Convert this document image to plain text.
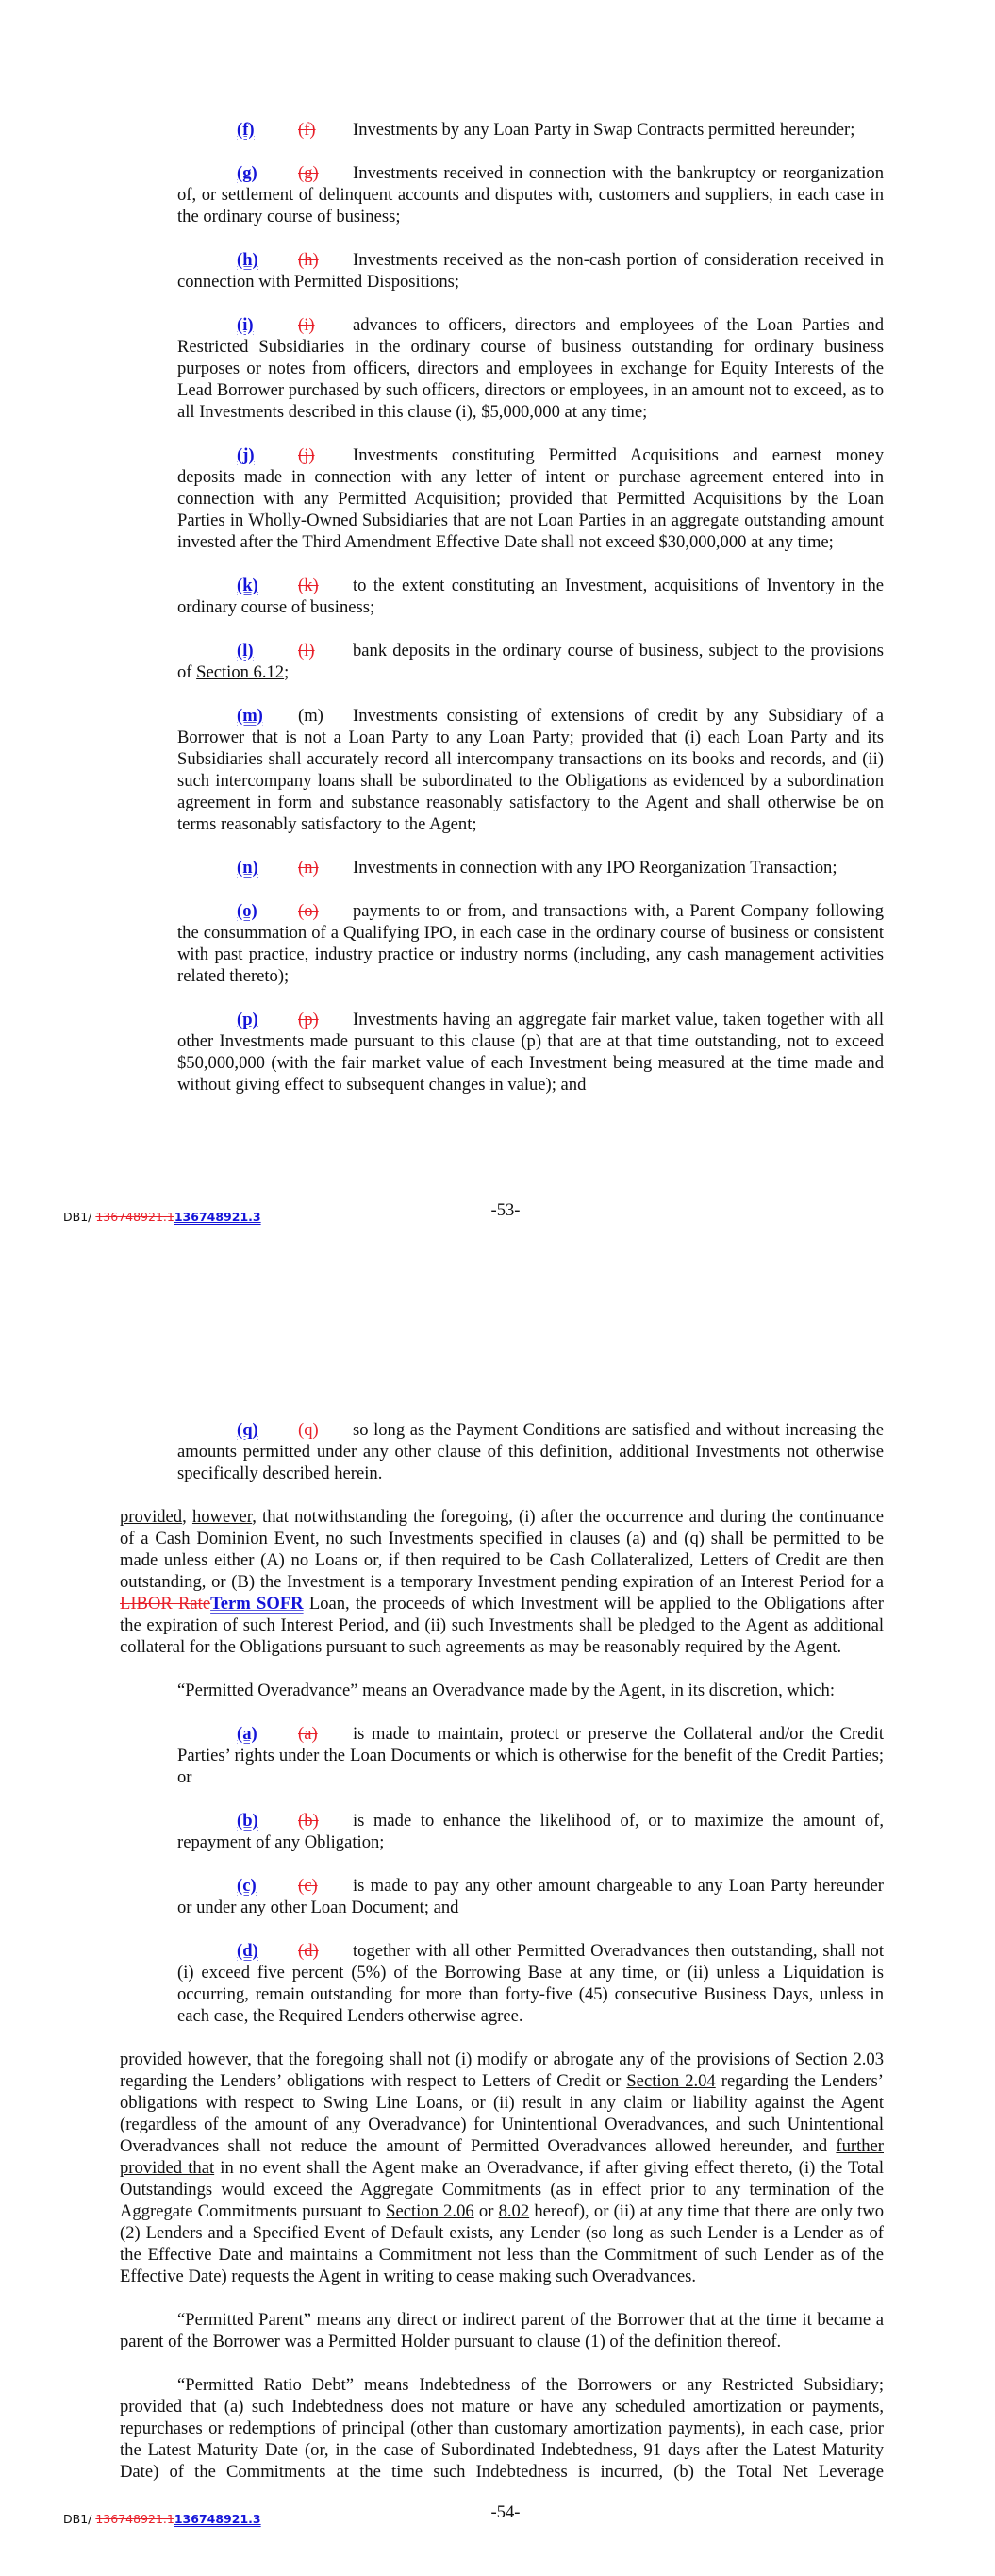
(f) (f) Investments by any Loan Party in Swap Contracts permitted hereunder;

(g) (g) Investments received in connection with the bankruptcy or reorganization of, or settlement of delinquent accounts and disputes with, customers and suppliers, in each case in the ordinary course of business;

(h) (h) Investments received as the non-cash portion of consideration received in connection with Permitted Dispositions;

(i)	(i) advances to officers, directors and employees of the Loan Parties and Restricted Subsidiaries in the ordinary course of business outstanding for ordinary business purposes or notes from officers, directors and employees in exchange for Equity Interests of the Lead Borrower purchased by such officers, directors or employees, in an amount not to exceed, as to all Investments described in this clause (i), $5,000,000 at any time;

(j) (j) Investments constituting Permitted Acquisitions and earnest money deposits made in connection with any letter of intent or purchase agreement entered into in connection with any Permitted Acquisition; provided that Permitted Acquisitions by the Loan Parties in Wholly-Owned Subsidiaries that are not Loan Parties in an aggregate outstanding amount invested after the Third Amendment Effective Date shall not exceed $30,000,000 at any time;

(k) (k) to the extent constituting an Investment, acquisitions of Inventory in the ordinary course of business;

(l)	(l) bank deposits in the ordinary course of business, subject to the provisions of Section 6.12;

(m) (m) Investments consisting of extensions of credit by any Subsidiary of a Borrower that is not a Loan Party to any Loan Party; provided that (i) each Loan Party and its Subsidiaries shall accurately record all intercompany transactions on its books and records, and (ii) such intercompany loans shall be subordinated to the Obligations as evidenced by a subordination agreement in form and substance reasonably satisfactory to the Agent and shall otherwise be on terms reasonably satisfactory to the Agent;

(n) (n) Investments in connection with any IPO Reorganization Transaction;

(o) (o) payments to or from, and transactions with, a Parent Company following the consummation of a Qualifying IPO, in each case in the ordinary course of business or consistent with past practice, industry practice or industry norms (including, any cash management activities related thereto);

(p) (p) Investments having an aggregate fair market value, taken together with all other Investments made pursuant to this clause (p) that are at that time outstanding, not to exceed $50,000,000 (with the fair market value of each Investment being measured at the time made and without giving effect to subsequent changes in value); and

DB1/ 136748921.1136748921.3	-53-

(q) (q) so long as the Payment Conditions are satisfied and without increasing the amounts permitted under any other clause of this definition, additional Investments not otherwise specifically described herein.

provided, however, that notwithstanding the foregoing, (i) after the occurrence and during the continuance of a Cash Dominion Event, no such Investments specified in clauses (a) and (q) shall be permitted to be made unless either (A) no Loans or, if then required to be Cash Collateralized, Letters of Credit are then outstanding, or (B) the Investment is a temporary Investment pending expiration of an Interest Period for a LIBOR RateTerm SOFR Loan, the proceeds of which Investment will be applied to the Obligations after the expiration of such Interest Period, and (ii) such Investments shall be pledged to the Agent as additional collateral for the Obligations pursuant to such agreements as may be reasonably required by the Agent.

“Permitted Overadvance” means an Overadvance made by the Agent, in its discretion, which:

(a) (a) is made to maintain, protect or preserve the Collateral and/or the Credit Parties’ rights under the Loan Documents or which is otherwise for the benefit of the Credit Parties; or

(b) (b) is made to enhance the likelihood of, or to maximize the amount of, repayment of any Obligation;

(c) (c) is made to pay any other amount chargeable to any Loan Party hereunder or under any other Loan Document; and

(d) (d) together with all other Permitted Overadvances then outstanding, shall not (i) exceed five percent (5%) of the Borrowing Base at any time, or (ii) unless a Liquidation is occurring, remain outstanding for more than forty-five (45) consecutive Business Days, unless in each case, the Required Lenders otherwise agree.

provided however, that the foregoing shall not (i) modify or abrogate any of the provisions of Section 2.03 regarding the Lenders’ obligations with respect to Letters of Credit or Section 2.04 regarding the Lenders’ obligations with respect to Swing Line Loans, or (ii) result in any claim or liability against the Agent (regardless of the amount of any Overadvance) for Unintentional Overadvances, and such Unintentional Overadvances shall not reduce the amount of Permitted Overadvances allowed hereunder, and further provided that in no event shall the Agent make an Overadvance, if after giving effect thereto, (i) the Total Outstandings would exceed the Aggregate Commitments (as in effect prior to any termination of the Aggregate Commitments pursuant to Section 2.06 or 8.02 hereof), or (ii) at any time that there are only two (2) Lenders and a Specified Event of Default exists, any Lender (so long as such Lender is a Lender as of the Effective Date and maintains a Commitment not less than the Commitment of such Lender as of the Effective Date) requests the Agent in writing to cease making such Overadvances.

“Permitted Parent” means any direct or indirect parent of the Borrower that at the time it became a parent of the Borrower was a Permitted Holder pursuant to clause (1) of the definition thereof.

“Permitted Ratio Debt” means Indebtedness of the Borrowers or any Restricted Subsidiary; provided that (a) such Indebtedness does not mature or have any scheduled amortization or payments, repurchases or redemptions of principal (other than customary amortization payments), in each case, prior the Latest Maturity Date (or, in the case of Subordinated Indebtedness, 91 days after the Latest Maturity Date) of the Commitments at the time such Indebtedness is incurred, (b) the Total Net Leverage

DB1/ 136748921.1136748921.3	-54-
